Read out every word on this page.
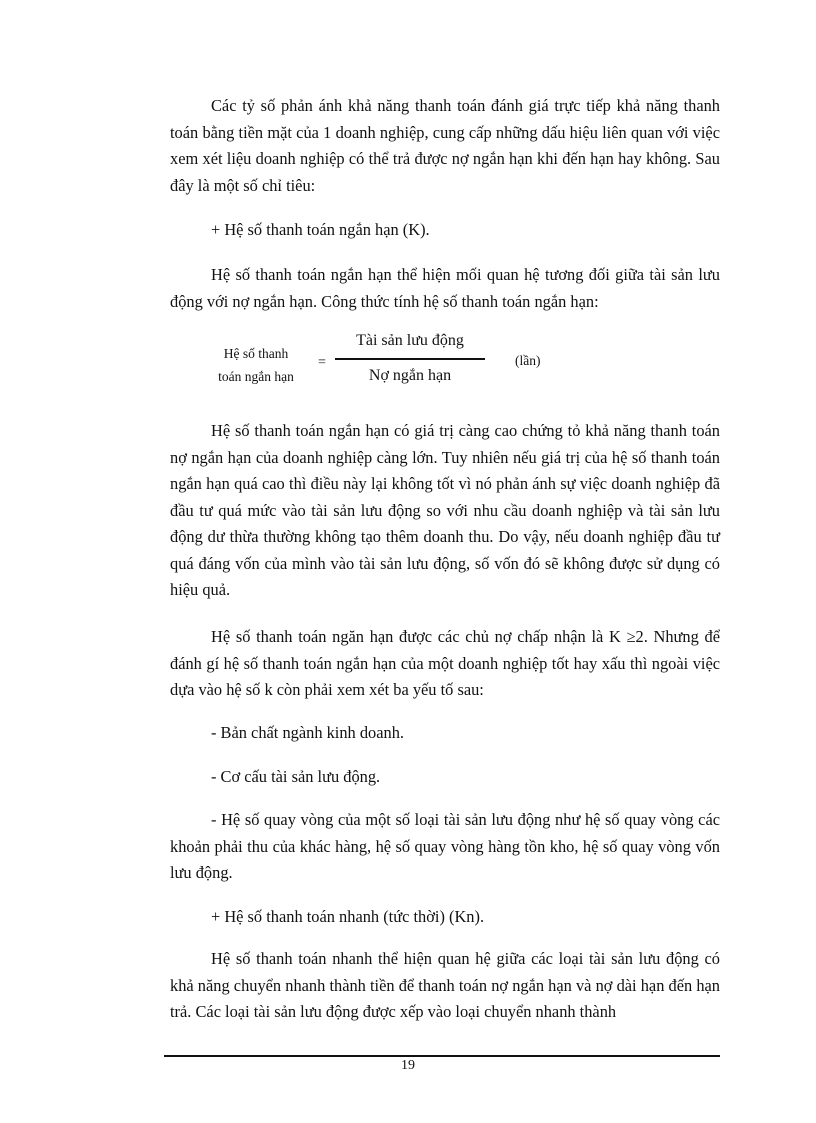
Các tỷ số phản ánh khả năng thanh toán đánh giá trực tiếp khả năng thanh toán bằng tiền mặt của 1 doanh nghiệp, cung cấp những dấu hiệu liên quan với việc xem xét liệu doanh nghiệp có thể trả được nợ ngắn hạn khi đến hạn hay không. Sau đây là một số chỉ tiêu:

+ Hệ số thanh toán ngắn hạn (K).

Hệ số thanh toán ngắn hạn thể hiện mối quan hệ tương đối giữa tài sản lưu động với nợ ngắn hạn. Công thức tính hệ số thanh toán ngắn hạn:

Hệ số thanh
toán ngắn hạn
=
Tài sản lưu động
Nợ ngắn hạn
(lần)

Hệ số thanh toán ngắn hạn có giá trị càng cao chứng tỏ khả năng thanh toán nợ ngắn hạn của doanh nghiệp càng lớn. Tuy nhiên nếu giá trị của hệ số thanh toán ngắn hạn quá cao thì điều này lại không tốt vì nó phản ánh sự việc doanh nghiệp đã đầu tư quá mức vào tài sản lưu động so với nhu cầu doanh nghiệp và tài sản lưu động dư thừa thường không tạo thêm doanh thu. Do vậy, nếu doanh nghiệp đầu tư quá đáng vốn của mình vào tài sản lưu động, số vốn đó sẽ không được sử dụng có hiệu quả.

Hệ số thanh toán ngăn hạn được các chủ nợ chấp nhận là K ≥2. Nhưng để đánh gí hệ số thanh toán ngắn hạn của một doanh nghiệp tốt hay xấu thì ngoài việc dựa vào hệ số k còn phải xem xét ba yếu tố sau:

- Bản chất ngành kinh doanh.

- Cơ cấu tài sản lưu động.

- Hệ số quay vòng của một số loại tài sản lưu động như hệ số quay vòng các khoản phải thu của khác hàng, hệ số quay vòng hàng tồn kho, hệ số quay vòng vốn lưu động.

+ Hệ số thanh toán nhanh (tức thời) (Kn).

Hệ số thanh toán nhanh thể hiện quan hệ giữa các loại tài sản lưu động có khả năng chuyển nhanh thành tiền để thanh toán nợ ngắn hạn và nợ dài hạn đến hạn trả. Các loại tài sản lưu động được xếp vào loại chuyển nhanh thành

19
